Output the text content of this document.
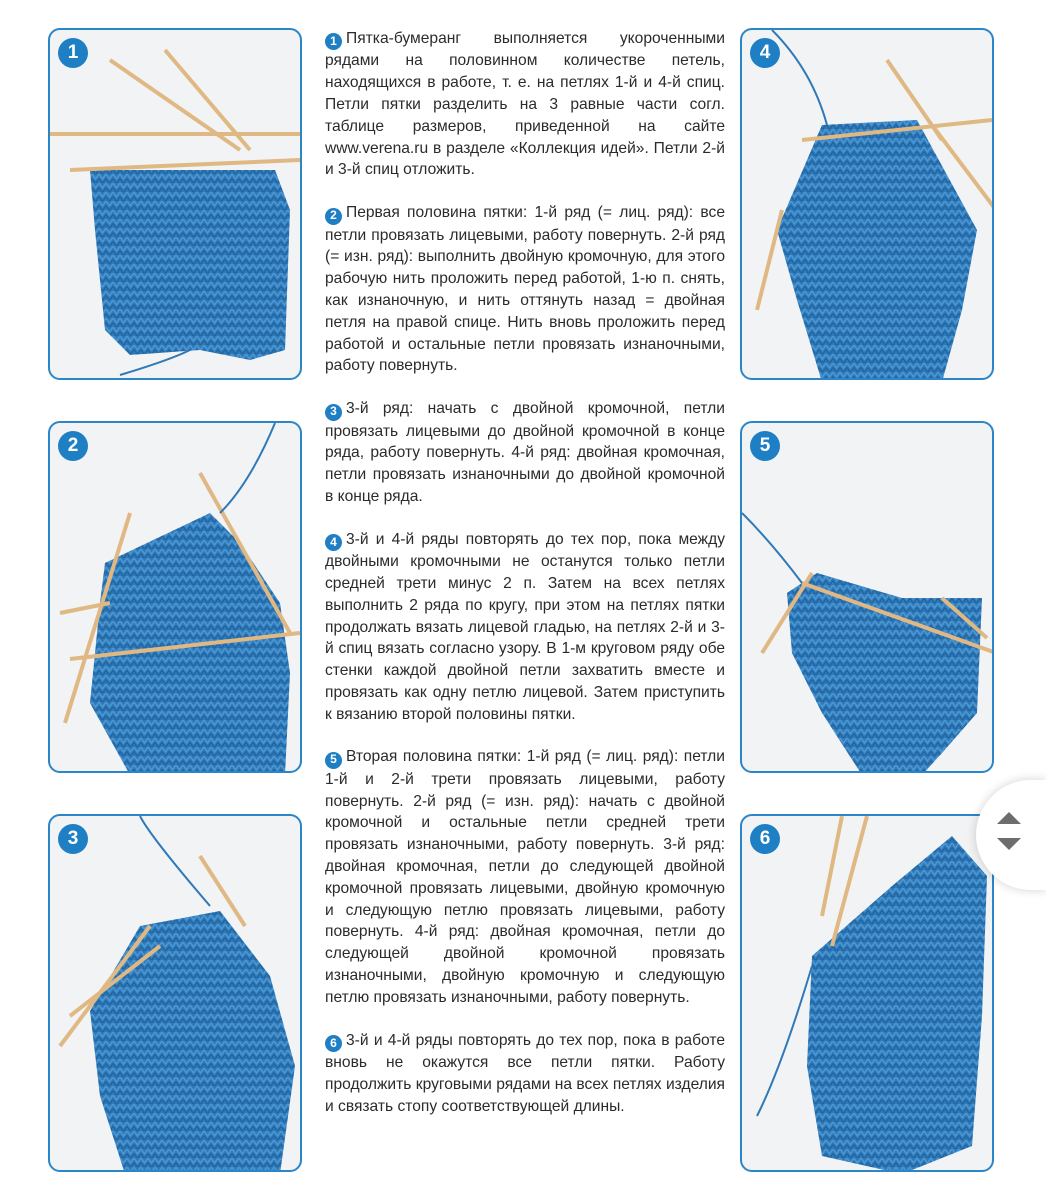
1
2
3
4
5
6

1 Пятка-бумеранг выполняется укороченными рядами на половинном количестве петель, находящихся в работе, т. е. на петлях 1-й и 4-й спиц. Петли пятки разделить на 3 равные части согл. таблице размеров, приведенной на сайте www.verena.ru в разделе «Коллекция идей». Петли 2-й и 3-й спиц отложить.

2 Первая половина пятки: 1-й ряд (= лиц. ряд): все петли провязать лицевыми, работу повернуть. 2-й ряд (= изн. ряд): выполнить двойную кромочную, для этого рабочую нить проложить перед работой, 1-ю п. снять, как изнаночную, и нить оттянуть назад = двойная петля на правой спице. Нить вновь проложить перед работой и остальные петли провязать изнаночными, работу повернуть.

3 3-й ряд: начать с двойной кромочной, петли провязать лицевыми до двойной кромочной в конце ряда, работу повернуть. 4-й ряд: двойная кромочная, петли провязать изнаночными до двойной кромочной в конце ряда.

4 3-й и 4-й ряды повторять до тех пор, пока между двойными кромочными не останутся только петли средней трети минус 2 п. Затем на всех петлях выполнить 2 ряда по кругу, при этом на петлях пятки продолжать вязать лицевой гладью, на петлях 2-й и 3-й спиц вязать согласно узору. В 1-м круговом ряду обе стенки каждой двойной петли захватить вместе и провязать как одну петлю лицевой. Затем приступить к вязанию второй половины пятки.

5 Вторая половина пятки: 1-й ряд (= лиц. ряд): петли 1-й и 2-й трети провязать лицевыми, работу повернуть. 2-й ряд (= изн. ряд): начать с двойной кромочной и остальные петли средней трети провязать изнаночными, работу повернуть. 3-й ряд: двойная кромочная, петли до следующей двойной кромочной провязать лицевыми, двойную кромочную и следующую петлю провязать лицевыми, работу повернуть. 4-й ряд: двойная кромочная, петли до следующей двойной кромочной провязать изнаночными, двойную кромочную и следующую петлю провязать изнаночными, работу повернуть.

6 3-й и 4-й ряды повторять до тех пор, пока в работе вновь не окажутся все петли пятки. Работу продолжить круговыми рядами на всех петлях изделия и связать стопу соответствующей длины.
